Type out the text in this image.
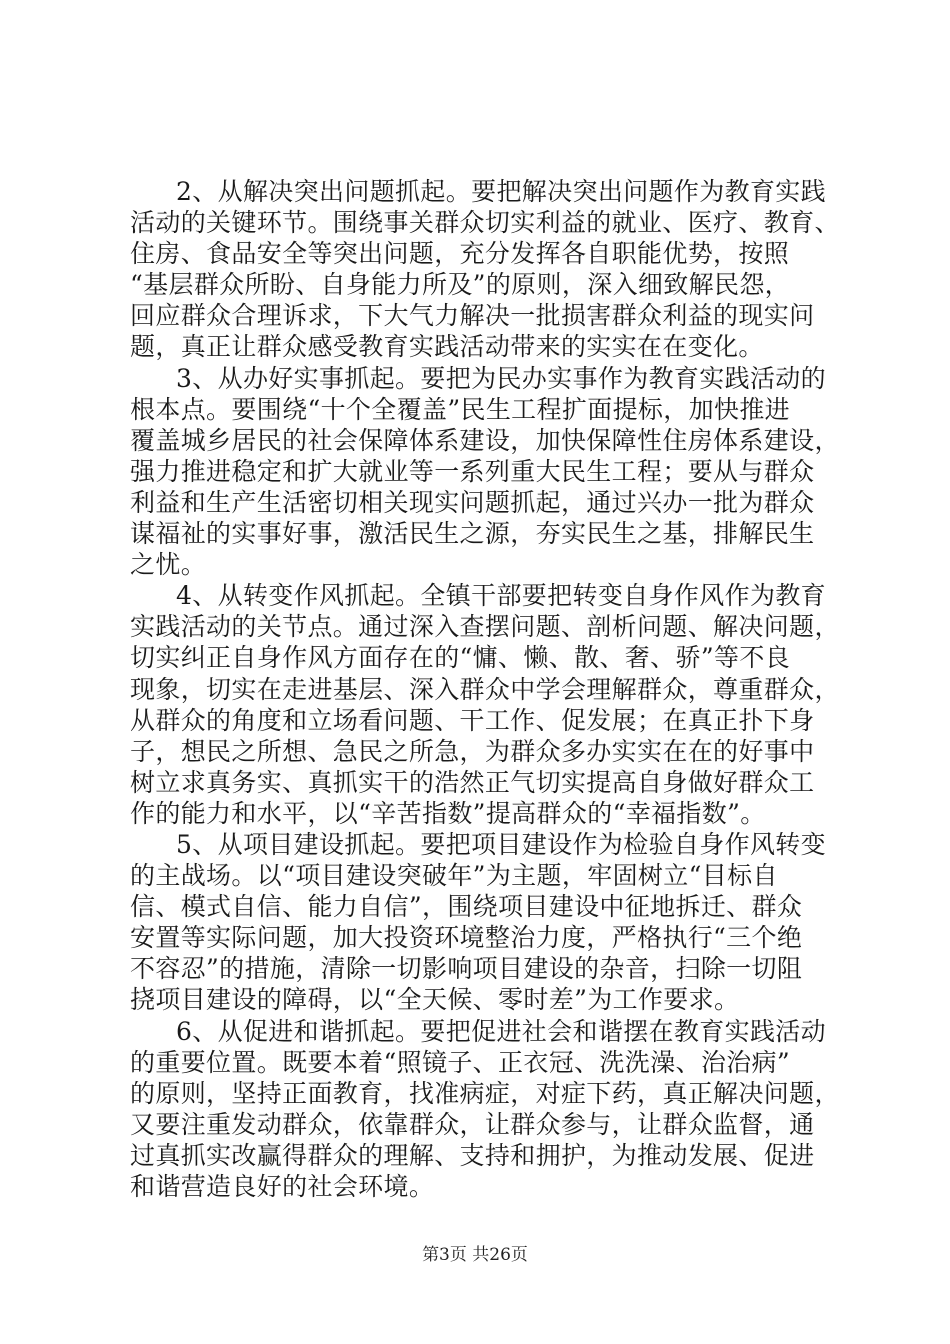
2、从解决突出问题抓起。要把解决突出问题作为教育实践
活动的关键环节。围绕事关群众切实利益的就业、医疗、教育、
住房、食品安全等突出问题，充分发挥各自职能优势，按照
“基层群众所盼、自身能力所及”的原则，深入细致解民怨，
回应群众合理诉求，下大气力解决一批损害群众利益的现实问
题，真正让群众感受教育实践活动带来的实实在在变化。

3、从办好实事抓起。要把为民办实事作为教育实践活动的
根本点。要围绕“十个全覆盖”民生工程扩面提标，加快推进
覆盖城乡居民的社会保障体系建设，加快保障性住房体系建设，
强力推进稳定和扩大就业等一系列重大民生工程；要从与群众
利益和生产生活密切相关现实问题抓起，通过兴办一批为群众
谋福祉的实事好事，激活民生之源，夯实民生之基，排解民生
之忧。

4、从转变作风抓起。全镇干部要把转变自身作风作为教育
实践活动的关节点。通过深入查摆问题、剖析问题、解决问题，
切实纠正自身作风方面存在的“慵、懒、散、奢、骄”等不良
现象，切实在走进基层、深入群众中学会理解群众，尊重群众，
从群众的角度和立场看问题、干工作、促发展；在真正扑下身
子，想民之所想、急民之所急，为群众多办实实在在的好事中
树立求真务实、真抓实干的浩然正气切实提高自身做好群众工
作的能力和水平，以“辛苦指数”提高群众的“幸福指数”。

5、从项目建设抓起。要把项目建设作为检验自身作风转变
的主战场。以“项目建设突破年”为主题，牢固树立“目标自
信、模式自信、能力自信”，围绕项目建设中征地拆迁、群众
安置等实际问题，加大投资环境整治力度，严格执行“三个绝
不容忍”的措施，清除一切影响项目建设的杂音，扫除一切阻
挠项目建设的障碍，以“全天候、零时差”为工作要求。

6、从促进和谐抓起。要把促进社会和谐摆在教育实践活动
的重要位置。既要本着“照镜子、正衣冠、洗洗澡、治治病”
的原则，坚持正面教育，找准病症，对症下药，真正解决问题，
又要注重发动群众，依靠群众，让群众参与，让群众监督，通
过真抓实改赢得群众的理解、支持和拥护，为推动发展、促进
和谐营造良好的社会环境。

第3页 共26页
